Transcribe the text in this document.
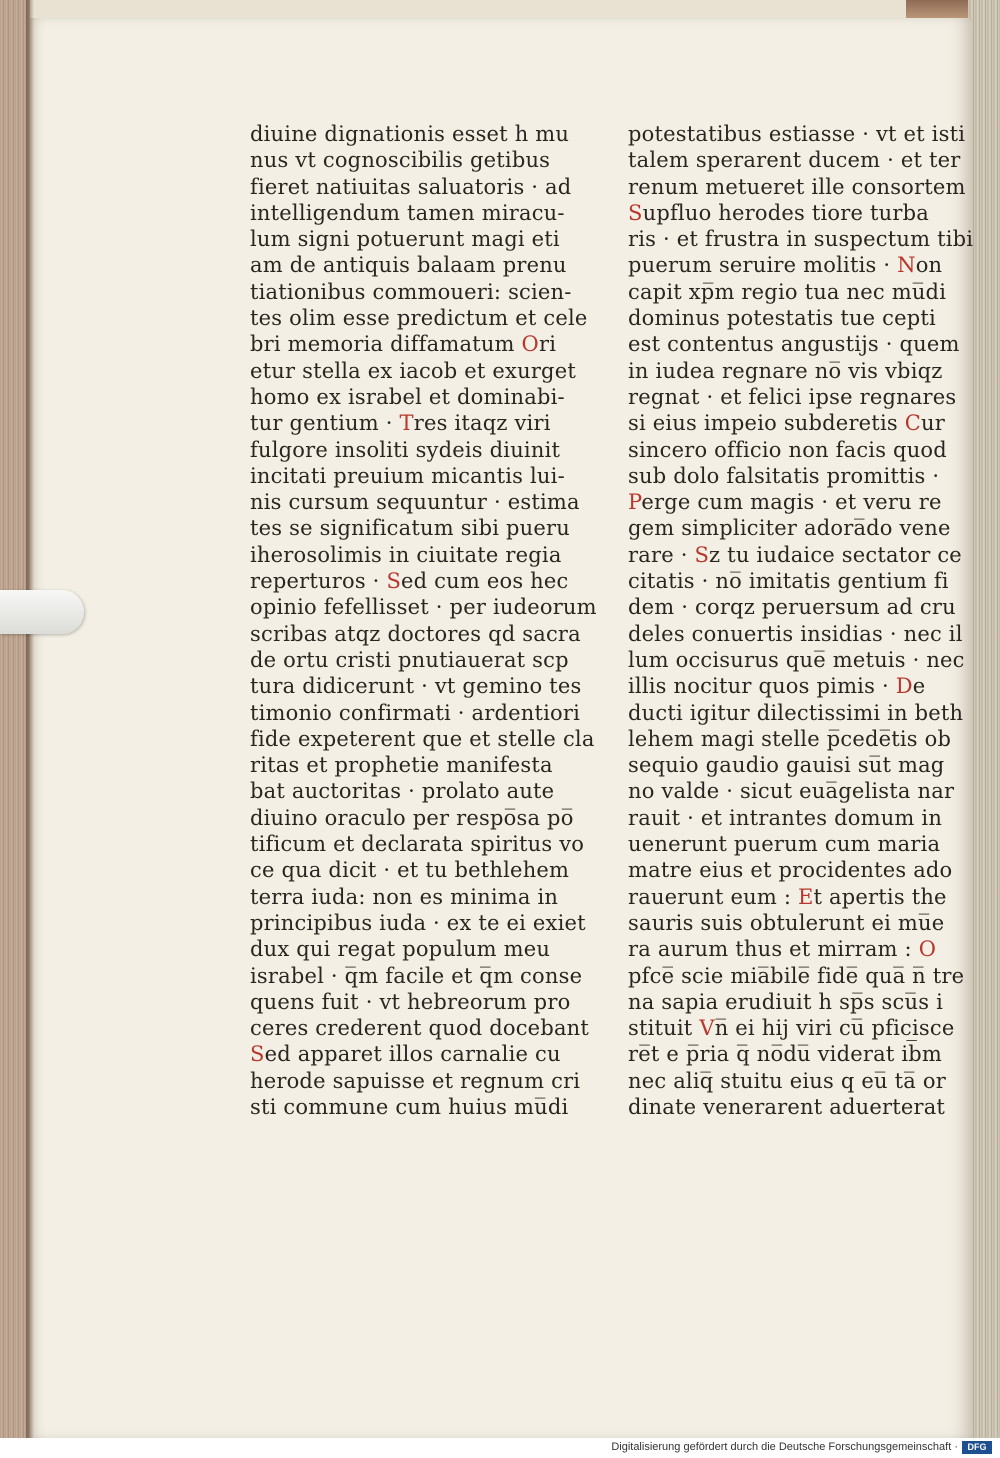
diuine dignationis esset h mu
nus vt cognoscibilis getibus
fieret natiuitas saluatoris · ad
intelligendum tamen miracu-
lum signi potuerunt magi eti
am de antiquis balaam prenu
tiationibus commoueri: scien-
tes olim esse predictum et cele
bri memoria diffamatum Ori
etur stella ex iacob et exurget
homo ex israbel et dominabi-
tur gentium · Tres itaqz viri
fulgore insoliti sydeis diuinit
incitati preuium micantis lui-
nis cursum sequuntur · estima
tes se significatum sibi pueru
iherosolimis in ciuitate regia
reperturos · Sed cum eos hec
opinio fefellisset · per iudeorum
scribas atqz doctores qd sacra
de ortu cristi pnutiauerat scp
tura didicerunt · vt gemino tes
timonio confirmati · ardentiori
fide expeterent que et stelle cla
ritas et prophetie manifesta
bat auctoritas · prolato aute
diuino oraculo per respo̅sa po̅
tificum et declarata spiritus vo
ce qua dicit · et tu bethlehem
terra iuda: non es minima in
principibus iuda · ex te ei exiet
dux qui regat populum meu
israbel · q̅m facile et q̅m conse
quens fuit · vt hebreorum pro
ceres crederent quod docebant
Sed apparet illos carnalie cu
herode sapuisse et regnum cri
sti commune cum huius mu̅di
potestatibus estiasse · vt et isti
talem sperarent ducem · et ter
renum metueret ille consortem
Supfluo herodes tiore turba
ris · et frustra in suspectum tibi
puerum seruire molitis · Non
capit xp̅m regio tua nec mu̅di
dominus potestatis tue cepti
est contentus angustijs · quem
in iudea regnare no̅ vis vbiqz
regnat · et felici ipse regnares
si eius impeio subderetis Cur
sincero officio non facis quod
sub dolo falsitatis promittis ·
Perge cum magis · et veru re
gem simpliciter adora̅do vene
rare · Sz tu iudaice sectator ce
citatis · no̅ imitatis gentium fi
dem · corqz peruersum ad cru
deles conuertis insidias · nec il
lum occisurus que̅ metuis · nec
illis nocitur quos pimis · De
ducti igitur dilectissimi in beth
lehem magi stelle p̅cede̅tis ob
sequio gaudio gauisi su̅t mag
no valde · sicut eua̅gelista nar
rauit · et intrantes domum in
uenerunt puerum cum maria
matre eius et procidentes ado
rauerunt eum : Et apertis the
sauris suis obtulerunt ei mu̅e
ra aurum thus et mirram : O
pfce̅ scie mia̅bile̅ fide̅ qua̅ n̅ tre
na sapia erudiuit h sp̅s scu̅s i
stituit Vn̅ ei hij viri cu̅ pficisce
re̅t e p̅ria q̅ no̅du̅ viderat ib̅m
nec aliq̅ stuitu eius q eu̅ ta̅ or
dinate venerarent aduerterat
Digitalisierung gefördert durch die Deutsche Forschungsgemeinschaft ·	DFG
